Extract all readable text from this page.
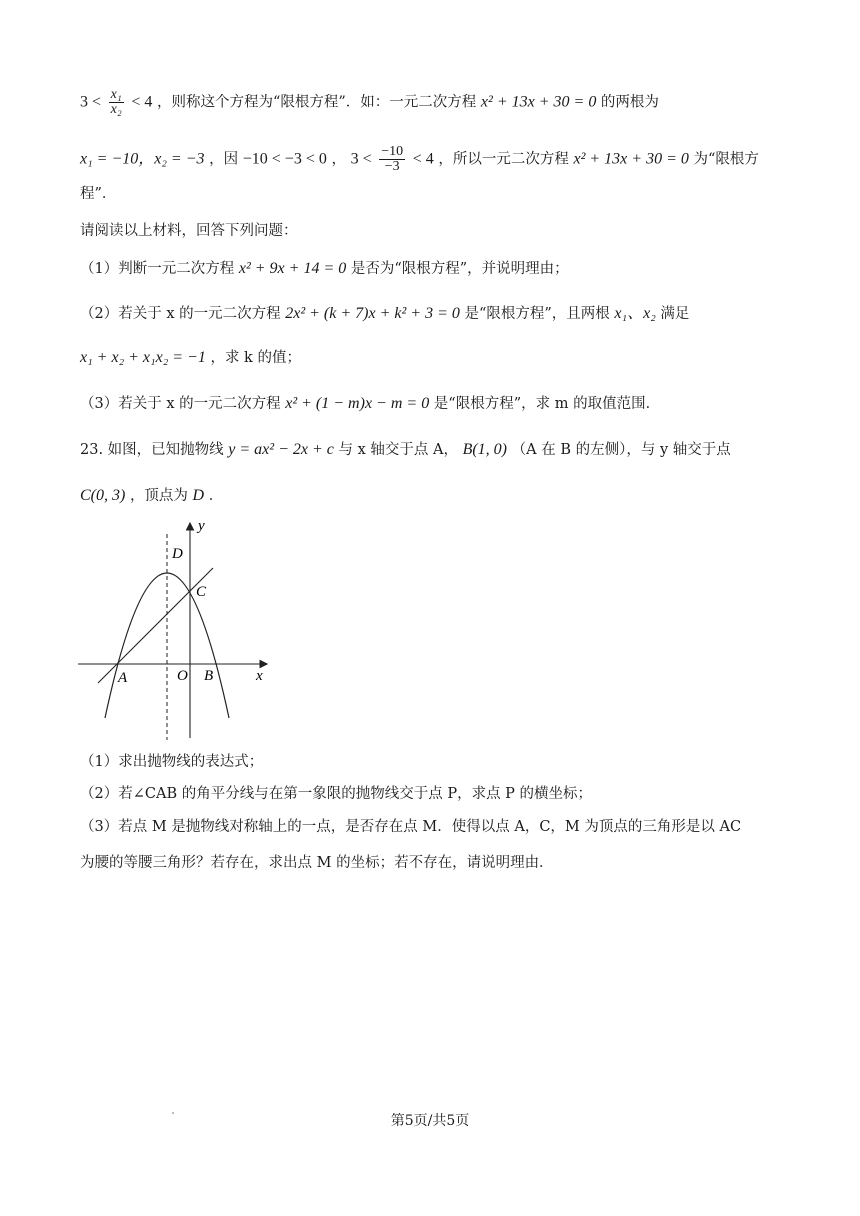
$3 < \frac{\text{x₁}}{\text{x₂}} < 4$ ，则称这个方程为“限根方程”．如：一元二次方程 x² + 13x + 30 = 0 的两根为
x₁ = −10，x₂ = −3 ，因 −10 < −3 < 0 ， $3 < \frac{-10}{-3} < 4$ ，所以一元二次方程 x² + 13x + 30 = 0 为“限根方
程”．
请阅读以上材料，回答下列问题：
（1）判断一元二次方程 x² + 9x + 14 = 0 是否为“限根方程”，并说明理由；
（2）若关于 x 的一元二次方程 2x² + (k + 7)x + k² + 3 = 0 是“限根方程”，且两根 x₁、x₂ 满足
x₁ + x₂ + x₁x₂ = −1 ，求 k 的值；
（3）若关于 x 的一元二次方程 x² + (1 − m)x − m = 0 是“限根方程”，求 m 的取值范围．
23. 如图，已知抛物线 y = ax² − 2x + c 与 x 轴交于点 A， B(1, 0) （A 在 B 的左侧），与 y 轴交于点
C(0, 3) ，顶点为 D ．
y
x
D
C
A	O B
（1）求出抛物线的表达式；
（2）若∠CAB 的角平分线与在第一象限的抛物线交于点 P，求点 P 的横坐标；
（3）若点 M 是抛物线对称轴上的一点，是否存在点 M．使得以点 A，C，M 为顶点的三角形是以 AC
为腰的等腰三角形？若存在，求出点 M 的坐标；若不存在，请说明理由．
第5页/共5页
